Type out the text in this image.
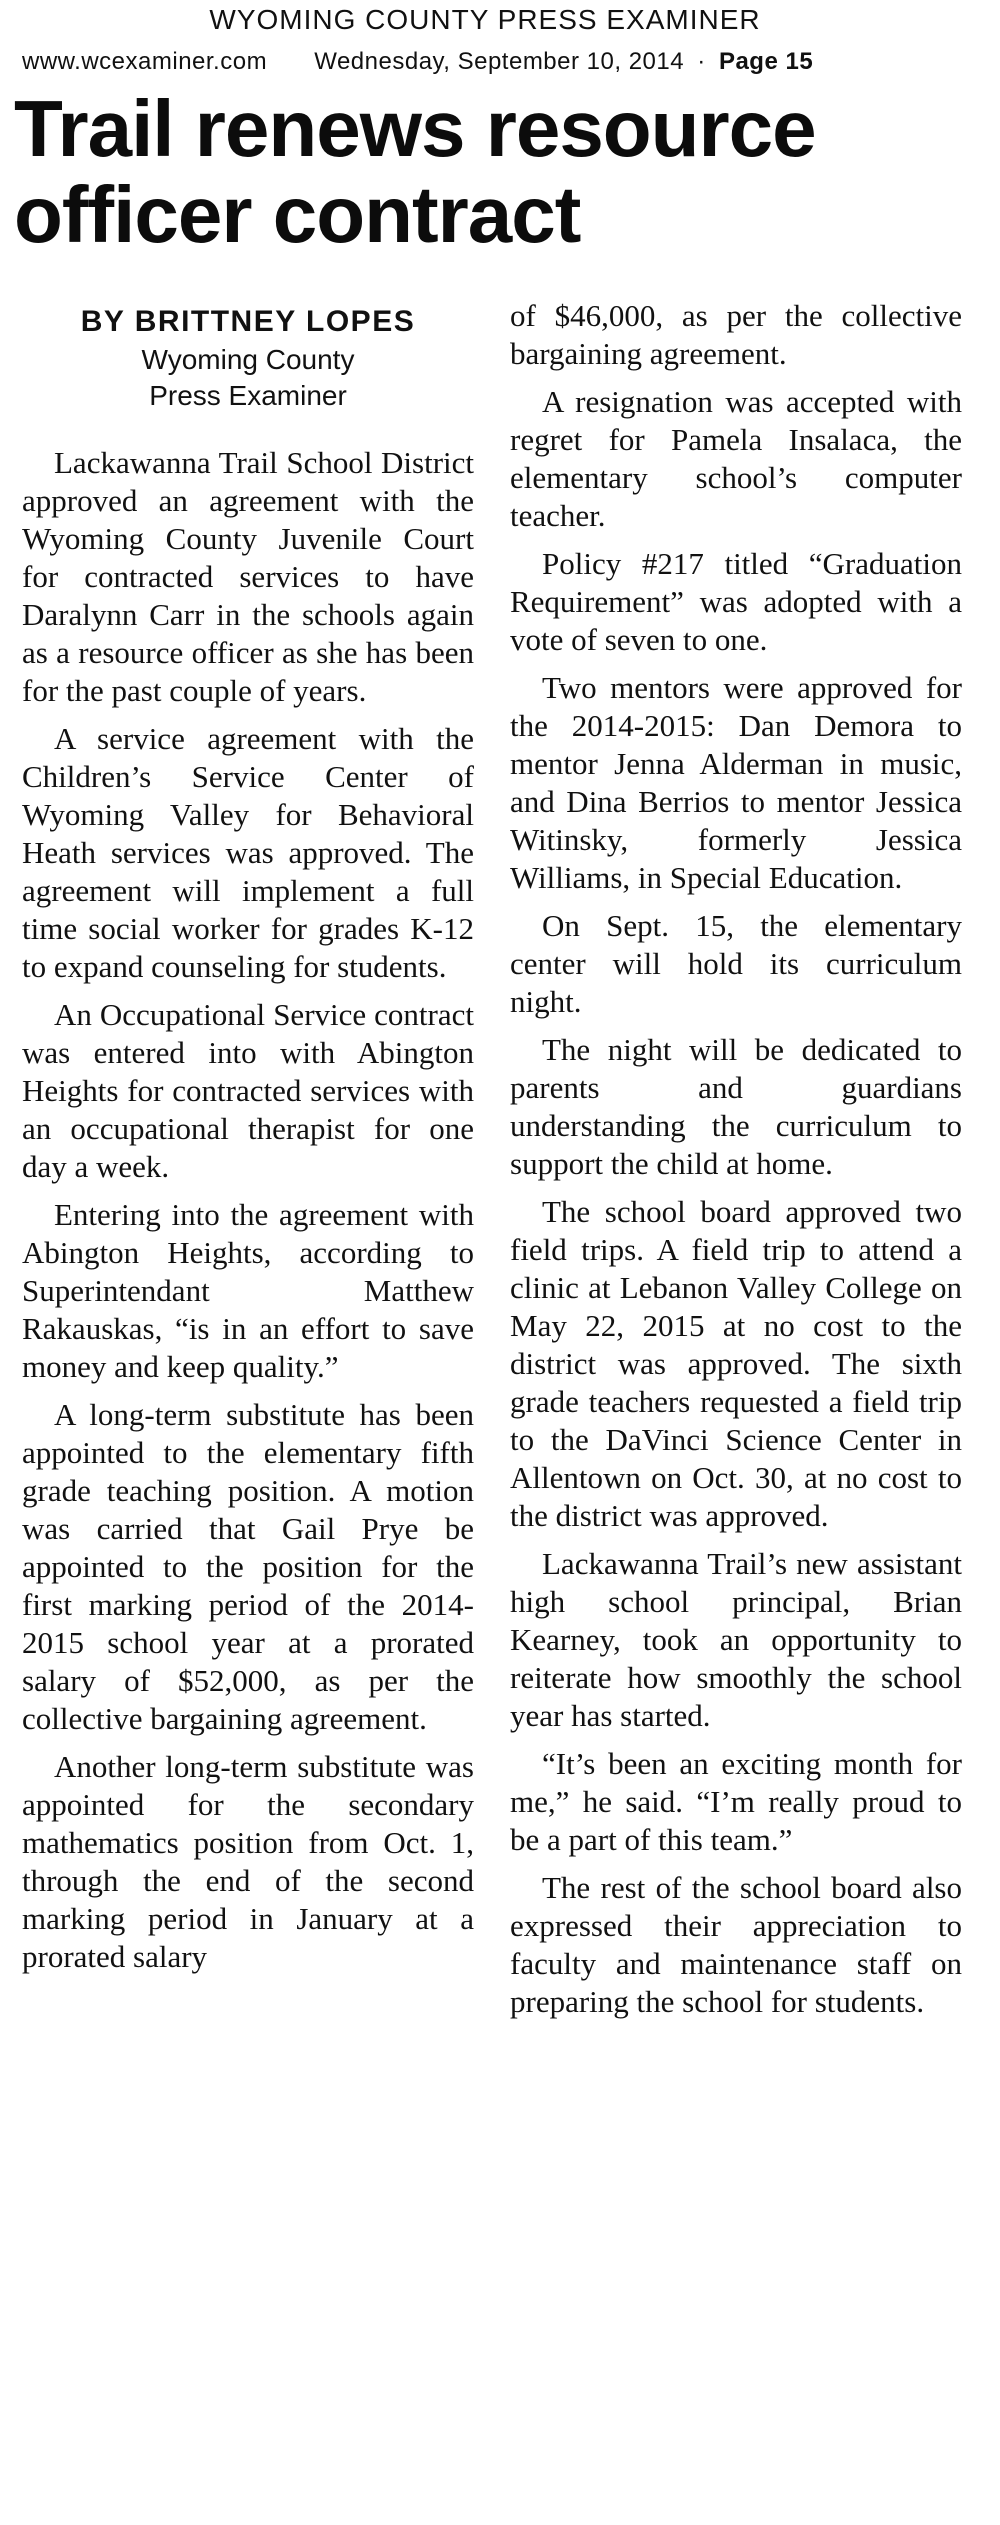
WYOMING COUNTY PRESS EXAMINER
www.wcexaminer.com Wednesday, September 10, 2014 · Page 15
Trail renews resource officer contract
BY BRITTNEY LOPES
Wyoming County
Press Examiner

Lackawanna Trail School District approved an agreement with the Wyoming County Juvenile Court for contracted services to have Daralynn Carr in the schools again as a resource officer as she has been for the past couple of years.

A service agreement with the Children’s Service Center of Wyoming Valley for Behavioral Heath services was approved. The agreement will implement a full time social worker for grades K-12 to expand counseling for students.

An Occupational Service contract was entered into with Abington Heights for contracted services with an occupational therapist for one day a week.

Entering into the agreement with Abington Heights, according to Superintendant Matthew Rakauskas, “is in an effort to save money and keep quality.”

A long-term substitute has been appointed to the elementary fifth grade teaching position. A motion was carried that Gail Prye be appointed to the position for the first marking period of the 2014-2015 school year at a prorated salary of $52,000, as per the collective bargaining agreement.

Another long-term substitute was appointed for the secondary mathematics position from Oct. 1, through the end of the second marking period in January at a prorated salary

of $46,000, as per the collective bargaining agreement.

A resignation was accepted with regret for Pamela Insalaca, the elementary school’s computer teacher.

Policy #217 titled “Graduation Requirement” was adopted with a vote of seven to one.

Two mentors were approved for the 2014-2015: Dan Demora to mentor Jenna Alderman in music, and Dina Berrios to mentor Jessica Witinsky, formerly Jessica Williams, in Special Education.

On Sept. 15, the elementary center will hold its curriculum night.

The night will be dedicated to parents and guardians understanding the curriculum to support the child at home.

The school board approved two field trips. A field trip to attend a clinic at Lebanon Valley College on May 22, 2015 at no cost to the district was approved. The sixth grade teachers requested a field trip to the DaVinci Science Center in Allentown on Oct. 30, at no cost to the district was approved.

Lackawanna Trail’s new assistant high school principal, Brian Kearney, took an opportunity to reiterate how smoothly the school year has started.

“It’s been an exciting month for me,” he said. “I’m really proud to be a part of this team.”

The rest of the school board also expressed their appreciation to faculty and maintenance staff on preparing the school for students.
